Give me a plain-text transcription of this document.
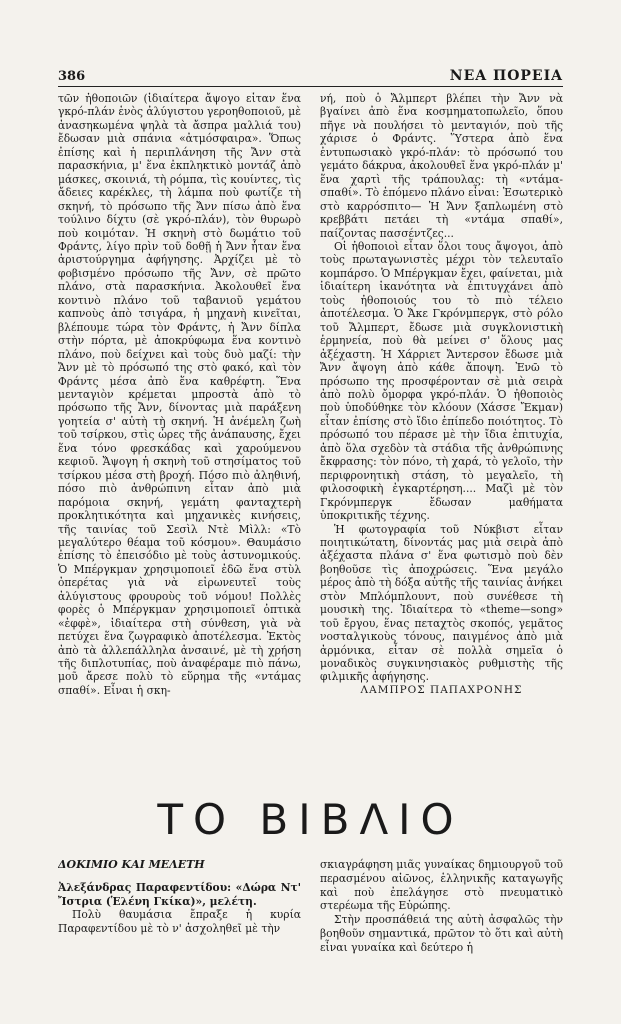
386	ΝΕΑ ΠΟΡΕΙΑ

τῶν ἠθοποιῶν (ἰδιαίτερα ἄψογο εἶταν ἕνα γκρό-πλάν ἑνὸς ἀλύγιστου γεροηθοποιοῦ, μὲ ἀνασηκωμένα ψηλὰ τὰ ἄσπρα μαλλιά του) ἔδωσαν μιὰ σπάνια «ἀτμόσφαιρα». Ὅπως ἐπίσης καὶ ἡ περιπλάνηση τῆς Ἄνν στὰ παρασκήνια, μ' ἕνα ἐκπληκτικὸ μοντάζ ἀπὸ μάσκες, σκοινιά, τὴ ρόμπα, τὶς κουίντες, τὶς ἄδειες καρέκλες, τὴ λάμπα ποὺ φωτίζε τὴ σκηνή, τὸ πρόσωπο τῆς Ἄνν πίσω ἀπὸ ἕνα τούλινο δίχτυ (σὲ γκρό-πλάν), τὸν θυρωρὸ ποὺ κοιμόταν. Ἡ σκηνὴ στὸ δωμάτιο τοῦ Φράντς, λίγο πρὶν τοῦ δοθῇ ἡ Ἄνν ἦταν ἕνα ἀριστούργημα ἀφήγησης. Ἀρχίζει μὲ τὸ φοβισμένο πρόσωπο τῆς Ἄνν, σὲ πρῶτο πλάνο, στὰ παρασκήνια. Ἀκολουθεῖ ἕνα κοντινὸ πλάνο τοῦ ταβανιοῦ γεμάτου καπνοὺς ἀπὸ τσιγάρα, ἡ μηχανὴ κινεῖται, βλέπουμε τώρα τὸν Φράντς, ἡ Ἄνν δίπλα στὴν πόρτα, μὲ ἀποκρύφωμα ἕνα κοντινὸ πλάνο, ποὺ δείχνει καὶ τοὺς δυὸ μαζί: τὴν Ἄνν μὲ τὸ πρόσωπό της στὸ φακό, καὶ τὸν Φράντς μέσα ἀπὸ ἕνα καθρέφτη. Ἕνα μενταγιὸν κρέμεται μπροστὰ ἀπὸ τὸ πρόσωπο τῆς Ἄνν, δίνοντας μιὰ παράξενη γοητεία σ' αὐτὴ τὴ σκηνή. Ἡ ἀνέμελη ζωὴ τοῦ τσίρκου, στὶς ὧρες τῆς ἀνάπαυσης, ἔχει ἕνα τόνο φρεσκάδας καὶ χαρούμενου κεφιοῦ. Ἄψογη ἡ σκηνὴ τοῦ στησίματος τοῦ τσίρκου μέσα στὴ βροχή. Πόσο πιὸ ἀληθινή, πόσο πιὸ ἀνθρώπινη εἶταν ἀπὸ μιὰ παρόμοια σκηνή, γεμάτη φανταχτερὴ προκλητικότητα καὶ μηχανικὲς κινήσεις, τῆς ταινίας τοῦ Σεσὶλ Ντὲ Μὶλλ: «Τὸ μεγαλύτερο θέαμα τοῦ κόσμου». Θαυμάσιο ἐπίσης τὸ ἐπεισόδιο μὲ τοὺς ἀστυνομικούς. Ὁ Μπέργκμαν χρησιμοποιεῖ ἐδῶ ἕνα στὺλ ὀπερέτας γιὰ νὰ εἰρωνευτεῖ τοὺς ἀλύγιστους φρουροὺς τοῦ νόμου! Πολλὲς φορὲς ὁ Μπέργκμαν χρησιμοποιεῖ ὀπτικὰ «ἐφφὲ», ἰδιαίτερα στὴ σύνθεση, γιὰ νὰ πετύχει ἕνα ζωγραφικὸ ἀποτέλεσμα. Ἐκτὸς ἀπὸ τὰ ἀλλεπάλληλα ἀνσαινέ, μὲ τὴ χρήση τῆς διπλοτυπίας, ποὺ ἀναφέραμε πιὸ πάνω, μοῦ ἄρεσε πολὺ τὸ εὕρημα τῆς «ντάμας σπαθί». Εἶναι ἡ σκη-

νή, ποὺ ὁ Ἄλμπερτ βλέπει τὴν Ἄνν νὰ βγαίνει ἀπὸ ἕνα κοσμηματοπωλεῖο, ὅπου πῆγε νὰ πουλήσει τὸ μενταγιόν, ποὺ τῆς χάρισε ὁ Φράντς. Ὕστερα ἀπὸ ἕνα ἐντυπωσιακὸ γκρό-πλάν: τὸ πρόσωπό του γεμάτο δάκρυα, ἀκολουθεῖ ἕνα γκρό-πλάν μ' ἕνα χαρτὶ τῆς τράπουλας: τὴ «ντάμα-σπαθί». Τὸ ἑπόμενο πλάνο εἶναι: Ἐσωτερικὸ στὸ καρρόσπιτο— Ἡ Ἄνν ξαπλωμένη στὸ κρεββάτι πετάει τὴ «ντάμα σπαθί», παίζοντας πασσέντζες...

Οἱ ἠθοποιοὶ εἶταν ὅλοι τους ἄψογοι, ἀπὸ τοὺς πρωταγωνιστὲς μέχρι τὸν τελευταῖο κομπάρσο. Ὁ Μπέργκμαν ἔχει, φαίνεται, μιὰ ἰδιαίτερη ἱκανότητα νὰ ἐπιτυγχάνει ἀπὸ τοὺς ἠθοποιούς του τὸ πιὸ τέλειο ἀποτέλεσμα. Ὁ Ἄκε Γκρόνμπεργκ, στὸ ρόλο τοῦ Ἄλμπερτ, ἔδωσε μιὰ συγκλονιστικὴ ἑρμηνεία, ποὺ θὰ μείνει σ' ὅλους μας ἀξέχαστη. Ἡ Χάρριετ Ἄντερσον ἔδωσε μιὰ Ἄνν ἄψογη ἀπὸ κάθε ἄποψη. Ἐνῶ τὸ πρόσωπο της προσφέρονταν σὲ μιὰ σειρὰ ἀπὸ πολὺ ὄμορφα γκρό-πλάν. Ὁ ἠθοποιὸς ποὺ ὑποδύθηκε τὸν κλόουν (Χάσσε Ἔκμαν) εἶταν ἐπίσης στὸ ἴδιο ἐπίπεδο ποιότητος. Τὸ πρόσωπό του πέρασε μὲ τὴν ἴδια ἐπιτυχία, ἀπὸ ὅλα σχεδὸν τὰ στάδια τῆς ἀνθρώπινης ἔκφρασης: τὸν πόνο, τὴ χαρά, τὸ γελοῖο, τὴν περιφρονητικὴ στάση, τὸ μεγαλεῖο, τὴ φιλοσοφικὴ ἐγκαρτέρηση.... Μαζὶ μὲ τὸν Γκρόνμπεργκ ἔδωσαν μαθήματα ὑποκριτικῆς τέχνης.

Ἡ φωτογραφία τοῦ Νύκβιστ εἶταν ποιητικώτατη, δίνοντάς μας μιὰ σειρὰ ἀπὸ ἀξέχαστα πλάνα σ' ἕνα φωτισμὸ ποὺ δὲν βοηθοῦσε τὶς ἀποχρώσεις. Ἕνα μεγάλο μέρος ἀπὸ τὴ δόξα αὐτῆς τῆς ταινίας ἀνήκει στὸν Μπλόμπλουντ, ποὺ συνέθεσε τὴ μουσικὴ της. Ἰδιαίτερα τὸ «theme—song» τοῦ ἔργου, ἕνας πεταχτὸς σκοπός, γεμᾶτος νοσταλγικοὺς τόνους, παιγμένος ἀπὸ μιὰ ἀρμόνικα, εἶταν σὲ πολλὰ σημεῖα ὁ μοναδικὸς συγκινησιακὸς ρυθμιστὴς τῆς φιλμικῆς ἀφήγησης.

ΛΑΜΠΡΟΣ ΠΑΠΑΧΡΟΝΗΣ

ΤΟ ΒΙΒΛΙΟ

ΔΟΚΙΜΙΟ ΚΑΙ ΜΕΛΕΤΗ

Ἀλεξάνδρας Παραφεντίδου: «Δώρα Ντ' Ἴστρια (Ἑλένη Γκίκα)», μελέτη.

Πολὺ θαυμάσια ἔπραξε ἡ κυρία Παραφεντίδου μὲ τὸ ν' ἀσχοληθεῖ μὲ τὴν

σκιαγράφηση μιᾶς γυναίκας δημιουργοῦ τοῦ περασμένου αἰῶνος, ἑλληνικῆς καταγωγῆς καὶ ποὺ ἐπελάγησε στὸ πνευματικὸ στερέωμα τῆς Εὐρώπης.

Στὴν προσπάθειά της αὐτὴ ἀσφαλῶς τὴν βοηθοῦν σημαντικά, πρῶτον τὸ ὅτι καὶ αὐτὴ εἶναι γυναίκα καὶ δεύτερο ἡ
